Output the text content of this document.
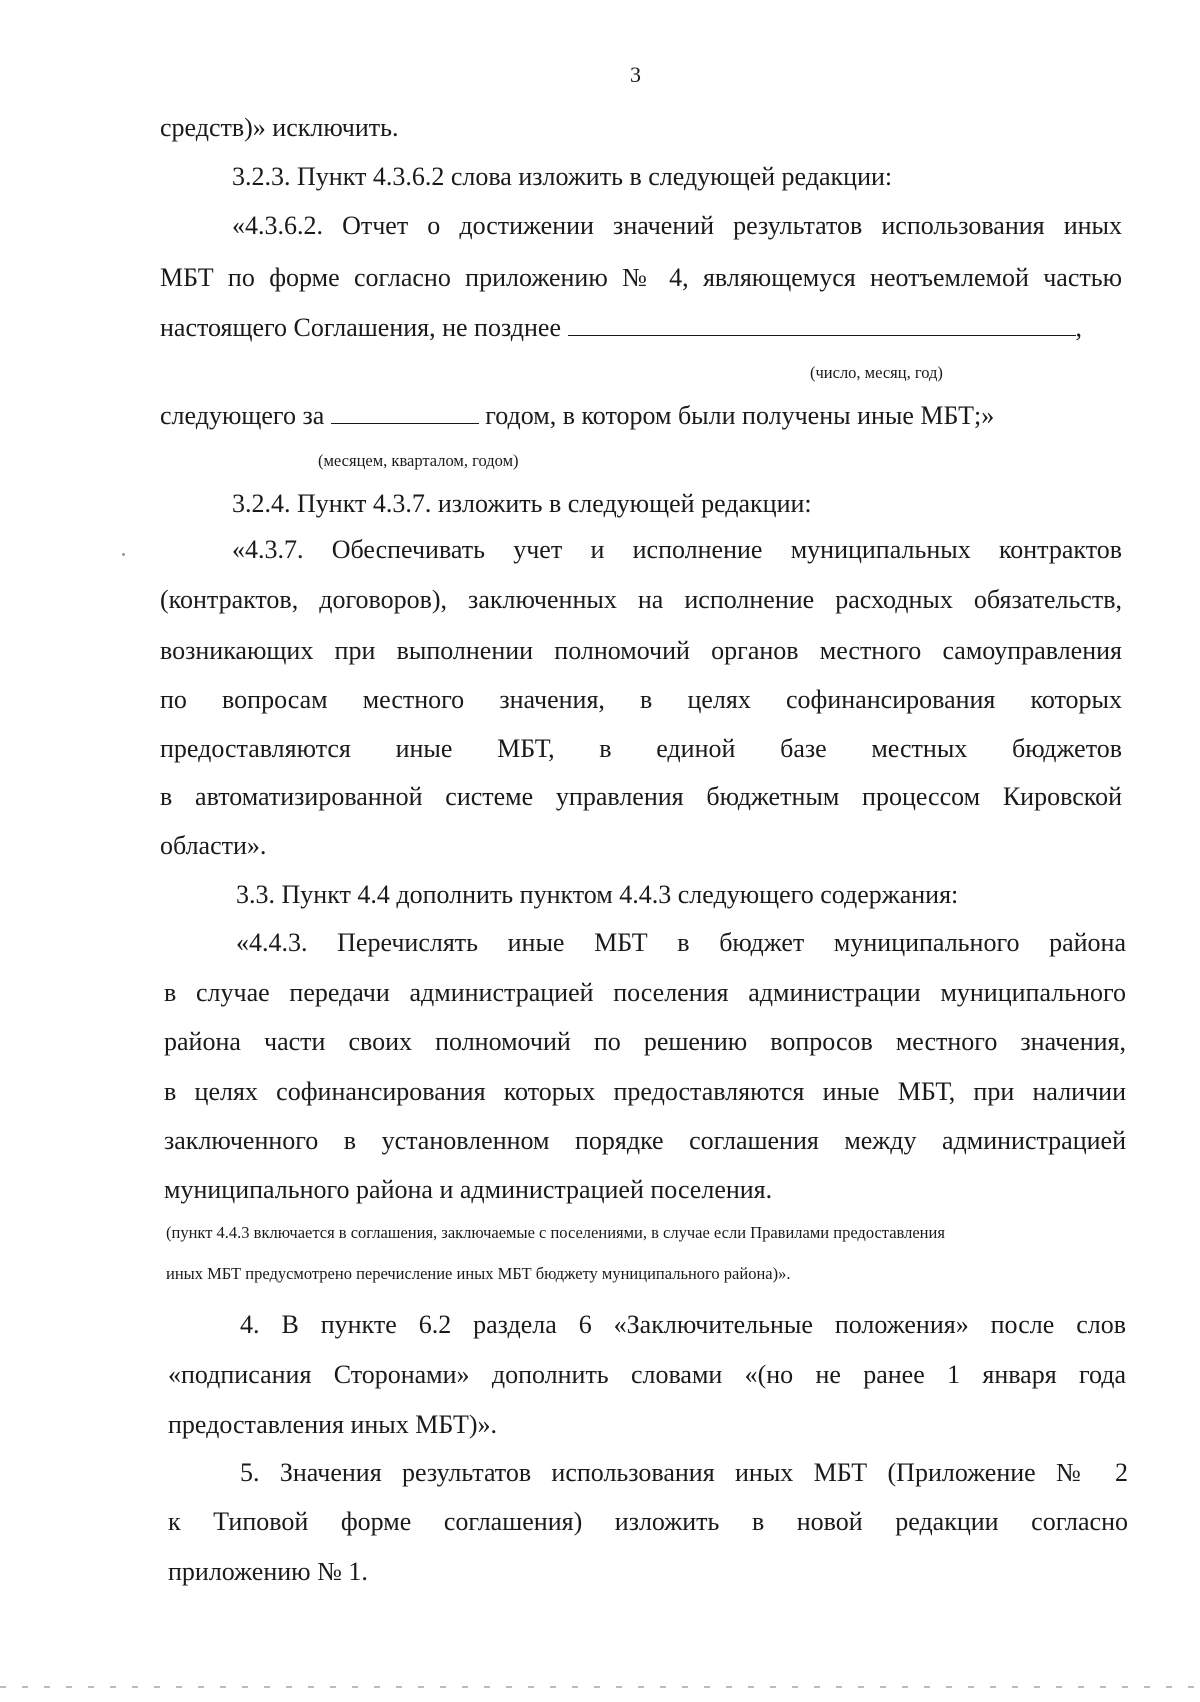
3
средств)» исключить.
3.2.3. Пункт 4.3.6.2 слова изложить в следующей редакции:
«4.3.6.2. Отчет о достижении значений результатов использования иных
МБТ по форме согласно приложению № 4, являющемуся неотъемлемой частью
настоящего Соглашения, не позднее	,
(число, месяц, год)
следующего за	годом, в котором были получены иные МБТ;»
(месяцем, кварталом, годом)
3.2.4. Пункт 4.3.7. изложить в следующей редакции:
«4.3.7. Обеспечивать учет и исполнение муниципальных контрактов
(контрактов, договоров), заключенных на исполнение расходных обязательств,
возникающих при выполнении полномочий органов местного самоуправления
по вопросам местного значения, в целях софинансирования которых
предоставляются иные МБТ, в единой базе местных бюджетов
в автоматизированной системе управления бюджетным процессом Кировской
области».
3.3. Пункт 4.4 дополнить пунктом 4.4.3 следующего содержания:
«4.4.3. Перечислять иные МБТ в бюджет муниципального района
в случае передачи администрацией поселения администрации муниципального
района части своих полномочий по решению вопросов местного значения,
в целях софинансирования которых предоставляются иные МБТ, при наличии
заключенного в установленном порядке соглашения между администрацией
муниципального района и администрацией поселения.
(пункт 4.4.3 включается в соглашения, заключаемые с поселениями, в случае если Правилами предоставления
иных МБТ предусмотрено перечисление иных МБТ бюджету муниципального района)».
4. В пункте 6.2 раздела 6 «Заключительные положения» после слов
«подписания Сторонами» дополнить словами «(но не ранее 1 января года
предоставления иных МБТ)».
5. Значения результатов использования иных МБТ (Приложение № 2
к Типовой форме соглашения) изложить в новой редакции согласно
приложению № 1.
